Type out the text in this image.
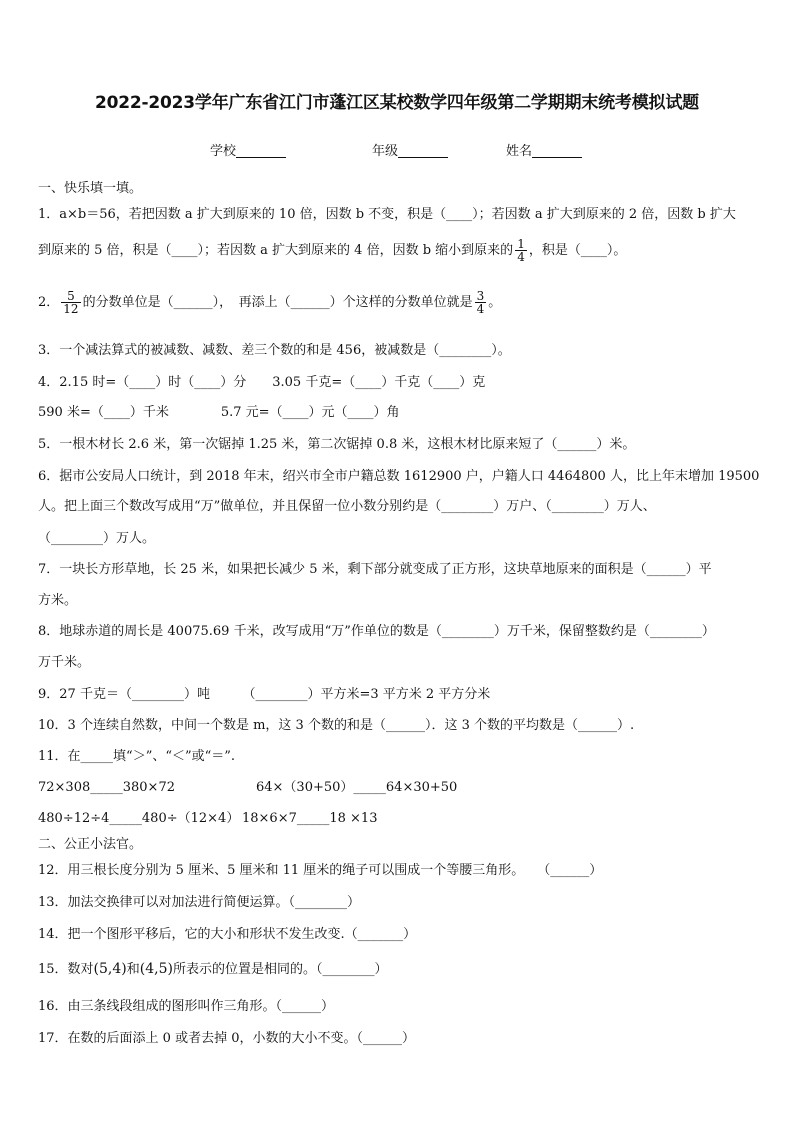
2022-2023学年广东省江门市蓬江区某校数学四年级第二学期期末统考模拟试题
学校	年级	姓名
一、快乐填一填。
1．a×b＝56，若把因数 a 扩大到原来的 10 倍，因数 b 不变，积是（____）；若因数 a 扩大到原来的 2 倍，因数 b 扩大
到原来的 5 倍，积是（____）；若因数 a 扩大到原来的 4 倍，因数 b 缩小到原来的 $\frac{1}{4}$ ，积是（____）。
2． $\frac{5}{12}$ 的分数单位是（______），　再添上（______）个这样的分数单位就是 $\frac{3}{4}$ 。
3．一个减法算式的被减数、减数、差三个数的和是 456，被减数是（________）。
4．2.15 时=（____）时（____）分　　3.05 千克=（____）千克（____）克
590 米=（____）千米　　　　5.7 元=（____）元（____）角
5．一根木材长 2.6 米，第一次锯掉 1.25 米，第二次锯掉 0.8 米，这根木材比原来短了（______）米。
6．据市公安局人口统计，到 2018 年末，绍兴市全市户籍总数 1612900 户，户籍人口 4464800 人，比上年末增加 19500
人。把上面三个数改写成用“万”做单位，并且保留一位小数分别约是（________）万户、（________）万人、
（________）万人。
7．一块长方形草地，长 25 米，如果把长减少 5 米，剩下部分就变成了正方形，这块草地原来的面积是（______）平
方米。
8．地球赤道的周长是 40075.69 千米，改写成用“万”作单位的数是（________）万千米，保留整数约是（________）
万千米。
9．27 千克＝（________）吨　　　（________）平方米=3 平方米 2 平方分米
10．3 个连续自然数，中间一个数是 m，这 3 个数的和是（______）．这 3 个数的平均数是（______）.
11．在_____填“＞”、“＜”或“＝”.
72×308_____380×72	64×（30+50）_____64×30+50
480÷12÷4_____480÷（12×4） 18×6×7_____18 ×13
二、公正小法官。
12．用三根长度分别为 5 厘米、5 厘米和 11 厘米的绳子可以围成一个等腰三角形。　　（______）
13．加法交换律可以对加法进行简便运算。（________）
14．把一个图形平移后，它的大小和形状不发生改变.（_______）
15．数对(5,4)和(4,5)所表示的位置是相同的。（________）
16．由三条线段组成的图形叫作三角形。（______）
17．在数的后面添上 0 或者去掉 0，小数的大小不变。（______）
